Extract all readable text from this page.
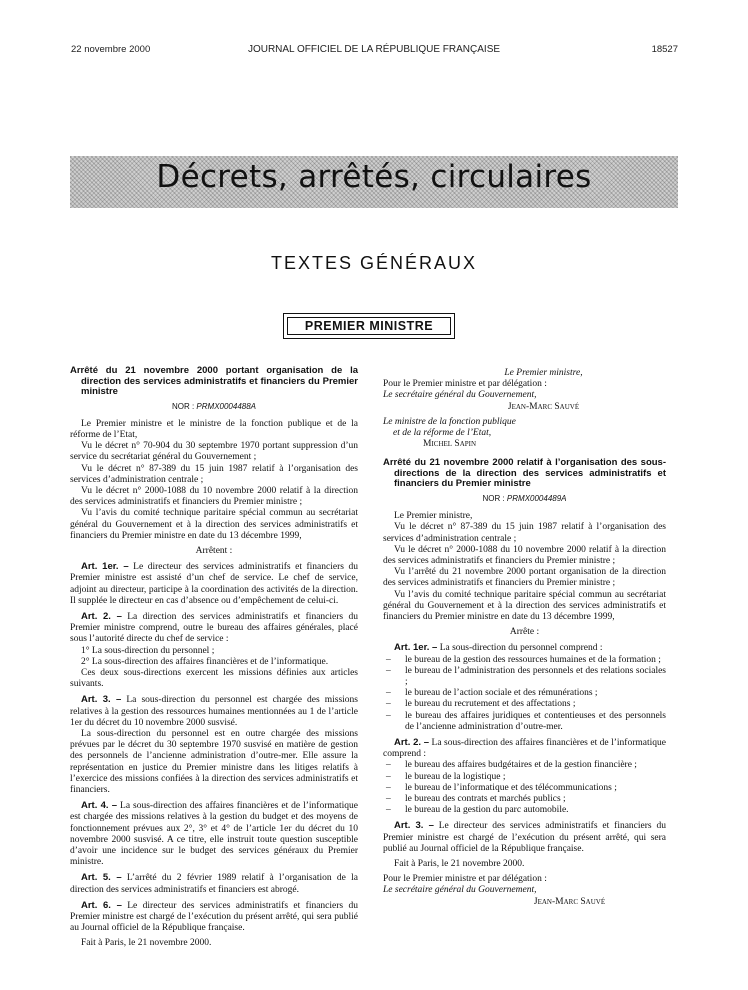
22 novembre 2000	JOURNAL OFFICIEL DE LA RÉPUBLIQUE FRANÇAISE	18527
Décrets, arrêtés, circulaires
TEXTES GÉNÉRAUX
PREMIER MINISTRE
Arrêté du 21 novembre 2000 portant organisation de la direction des services administratifs et financiers du Premier ministre
NOR : PRMX0004488A

Le Premier ministre et le ministre de la fonction publique et de la réforme de l’Etat,

Vu le décret n° 70-904 du 30 septembre 1970 portant suppression d’un service du secrétariat général du Gouvernement ;

Vu le décret n° 87-389 du 15 juin 1987 relatif à l’organisation des services d’administration centrale ;

Vu le décret n° 2000-1088 du 10 novembre 2000 relatif à la direction des services administratifs et financiers du Premier ministre ;

Vu l’avis du comité technique paritaire spécial commun au secrétariat général du Gouvernement et à la direction des services administratifs et financiers du Premier ministre en date du 13 décembre 1999,

Arrêtent :

Art. 1er. – Le directeur des services administratifs et financiers du Premier ministre est assisté d’un chef de service. Le chef de service, adjoint au directeur, participe à la coordination des activités de la direction. Il supplée le directeur en cas d’absence ou d’empêchement de celui-ci.

Art. 2. – La direction des services administratifs et financiers du Premier ministre comprend, outre le bureau des affaires générales, placé sous l’autorité directe du chef de service :

1° La sous-direction du personnel ;

2° La sous-direction des affaires financières et de l’informatique.

Ces deux sous-directions exercent les missions définies aux articles suivants.

Art. 3. – La sous-direction du personnel est chargée des missions relatives à la gestion des ressources humaines mentionnées au 1 de l’article 1er du décret du 10 novembre 2000 susvisé.

La sous-direction du personnel est en outre chargée des missions prévues par le décret du 30 septembre 1970 susvisé en matière de gestion des personnels de l’ancienne administration d’outre-mer. Elle assure la représentation en justice du Premier ministre dans les litiges relatifs à l’exercice des missions confiées à la direction des services administratifs et financiers.

Art. 4. – La sous-direction des affaires financières et de l’informatique est chargée des missions relatives à la gestion du budget et des moyens de fonctionnement prévues aux 2°, 3° et 4° de l’article 1er du décret du 10 novembre 2000 susvisé. A ce titre, elle instruit toute question susceptible d’avoir une incidence sur le budget des services généraux du Premier ministre.

Art. 5. – L’arrêté du 2 février 1989 relatif à l’organisation de la direction des services administratifs et financiers est abrogé.

Art. 6. – Le directeur des services administratifs et financiers du Premier ministre est chargé de l’exécution du présent arrêté, qui sera publié au Journal officiel de la République française.

Fait à Paris, le 21 novembre 2000.

Le Premier ministre,

Pour le Premier ministre et par délégation :

Le secrétaire général du Gouvernement,

Jean-Marc Sauvé

Le ministre de la fonction publique

et de la réforme de l’Etat,

Michel Sapin

Arrêté du 21 novembre 2000 relatif à l’organisation des sous-directions de la direction des services administratifs et financiers du Premier ministre
NOR : PRMX0004489A

Le Premier ministre,

Vu le décret n° 87-389 du 15 juin 1987 relatif à l’organisation des services d’administration centrale ;

Vu le décret n° 2000-1088 du 10 novembre 2000 relatif à la direction des services administratifs et financiers du Premier ministre ;

Vu l’arrêté du 21 novembre 2000 portant organisation de la direction des services administratifs et financiers du Premier ministre ;

Vu l’avis du comité technique paritaire spécial commun au secrétariat général du Gouvernement et à la direction des services administratifs et financiers du Premier ministre en date du 13 décembre 1999,

Arrête :

Art. 1er. – La sous-direction du personnel comprend :

– le bureau de la gestion des ressources humaines et de la formation ;

– le bureau de l’administration des personnels et des relations sociales ;

– le bureau de l’action sociale et des rémunérations ;

– le bureau du recrutement et des affectations ;

– le bureau des affaires juridiques et contentieuses et des personnels de l’ancienne administration d’outre-mer.

Art. 2. – La sous-direction des affaires financières et de l’informatique comprend :

– le bureau des affaires budgétaires et de la gestion financière ;

– le bureau de la logistique ;

– le bureau de l’informatique et des télécommunications ;

– le bureau des contrats et marchés publics ;

– le bureau de la gestion du parc automobile.

Art. 3. – Le directeur des services administratifs et financiers du Premier ministre est chargé de l’exécution du présent arrêté, qui sera publié au Journal officiel de la République française.

Fait à Paris, le 21 novembre 2000.

Pour le Premier ministre et par délégation :

Le secrétaire général du Gouvernement,

Jean-Marc Sauvé
